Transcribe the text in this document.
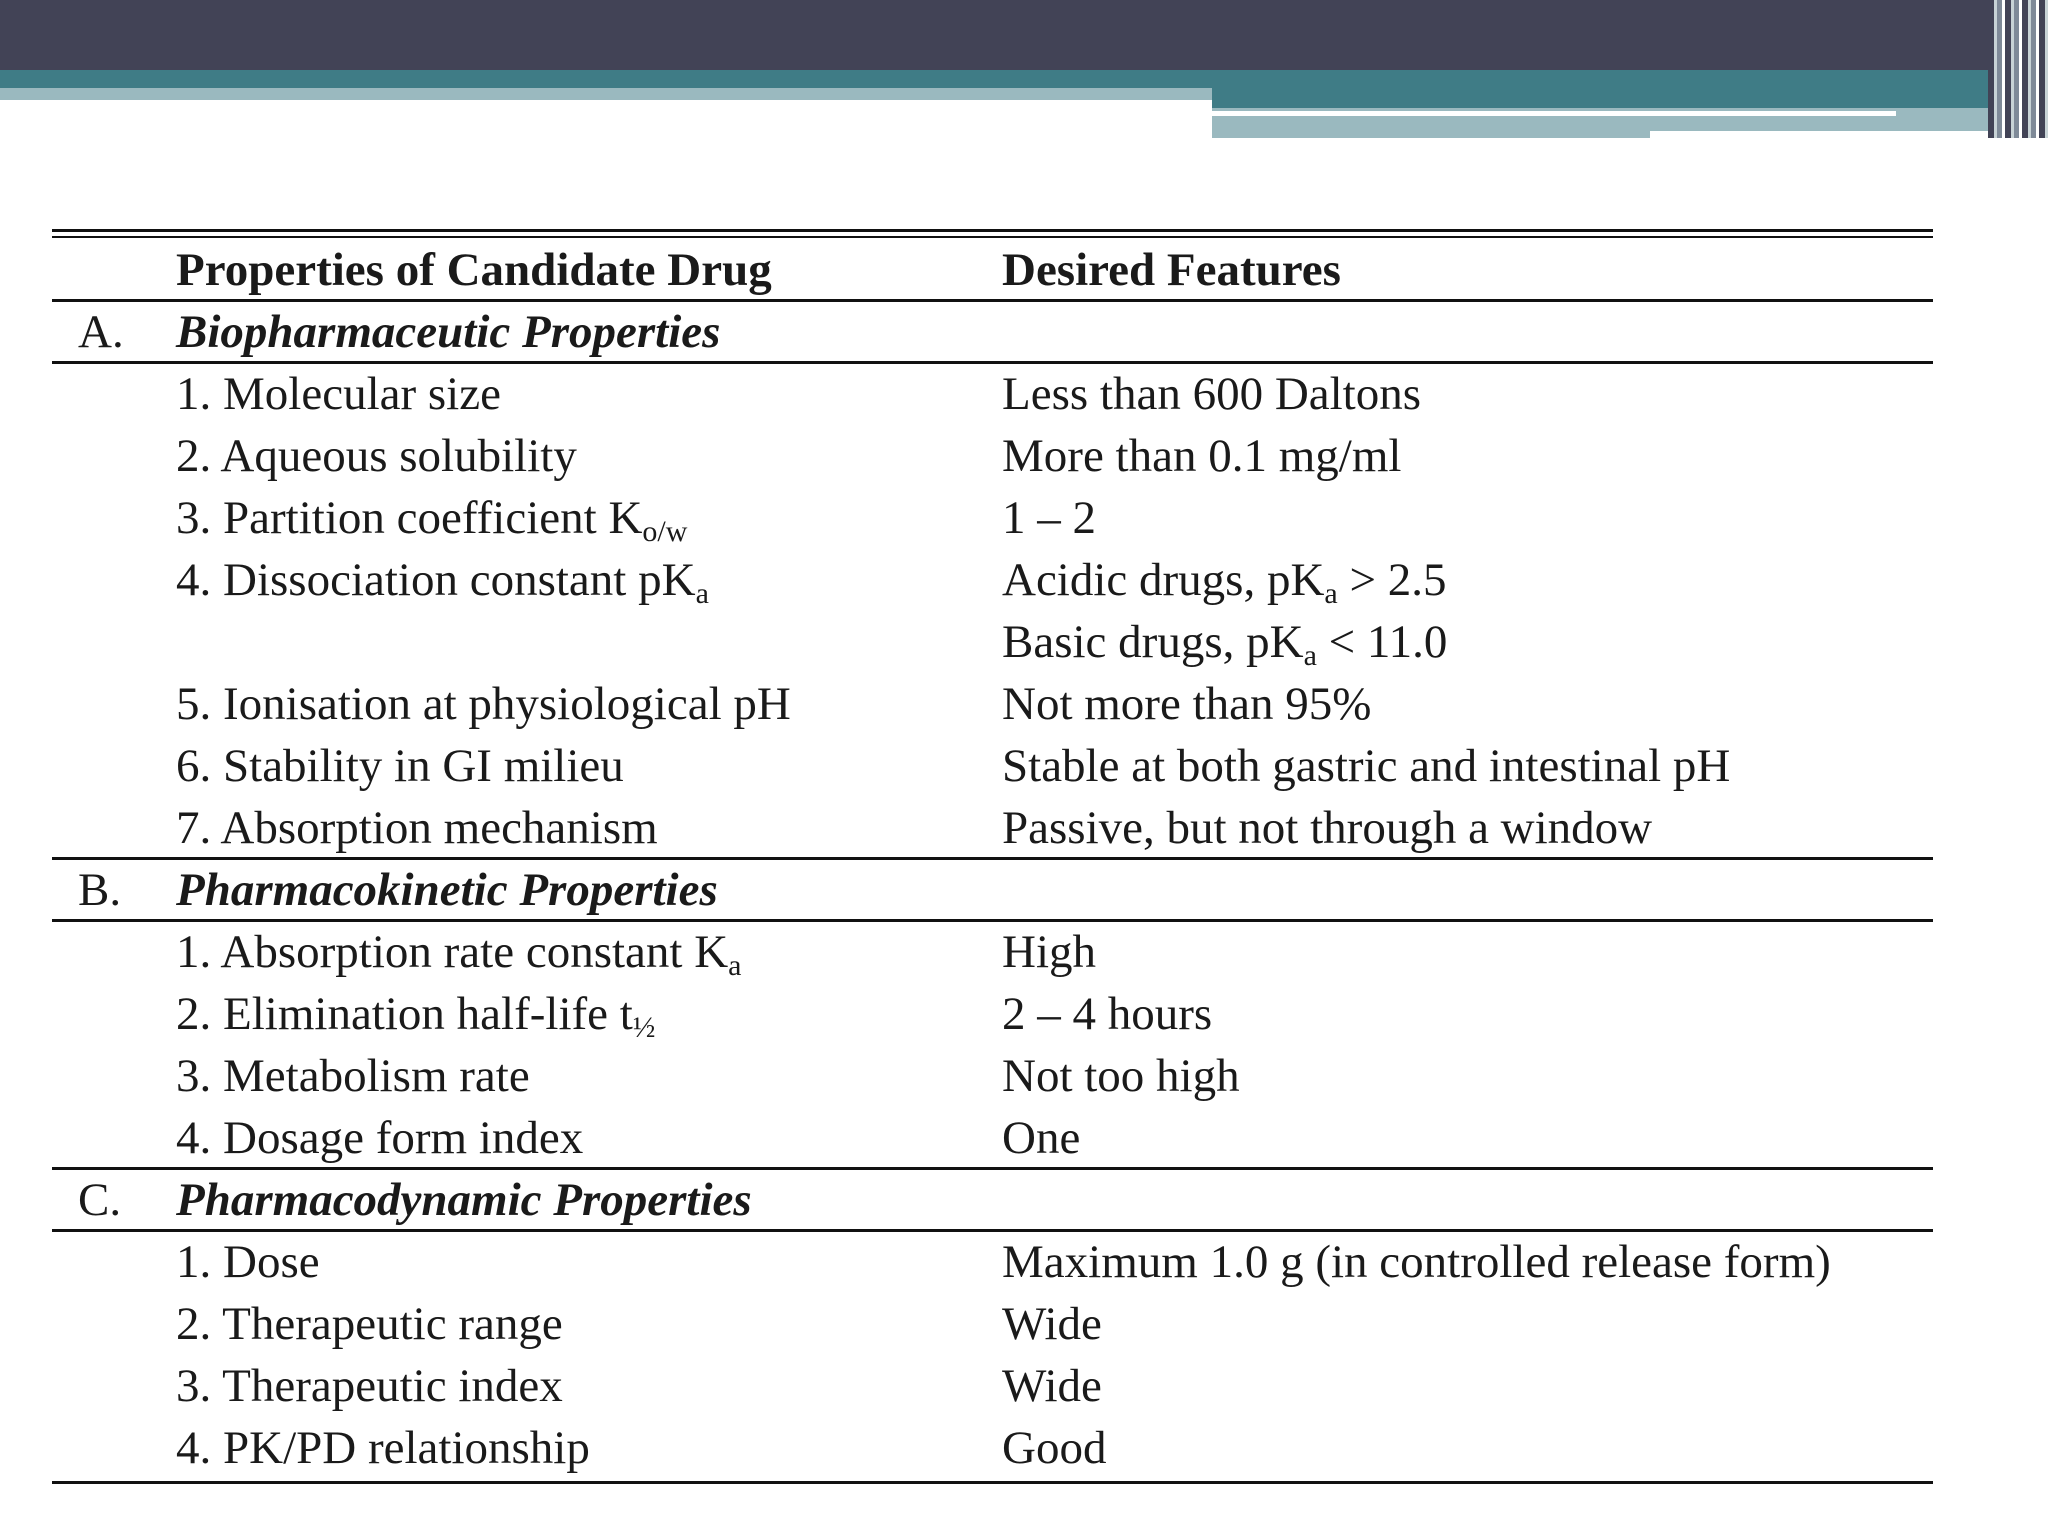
Properties of Candidate Drug	Desired Features
A. Biopharmaceutic Properties
1. Molecular size	Less than 600 Daltons
2. Aqueous solubility	More than 0.1 mg/ml
3. Partition coefficient $K_{o/w}$	1 – 2
4. Dissociation constant $pK_a$	Acidic drugs, $pK_a > 2.5$
Basic drugs, $pK_a < 11.0$
5. Ionisation at physiological pH	Not more than 95%
6. Stability in GI milieu	Stable at both gastric and intestinal pH
7. Absorption mechanism	Passive, but not through a window
B. Pharmacokinetic Properties
1. Absorption rate constant $K_a$	High
2. Elimination half-life $t_{\frac{1}{2}}$	2 – 4 hours
3. Metabolism rate	Not too high
4. Dosage form index	One
C. Pharmacodynamic Properties
1. Dose	Maximum 1.0 g (in controlled release form)
2. Therapeutic range	Wide
3. Therapeutic index	Wide
4. PK/PD relationship	Good
